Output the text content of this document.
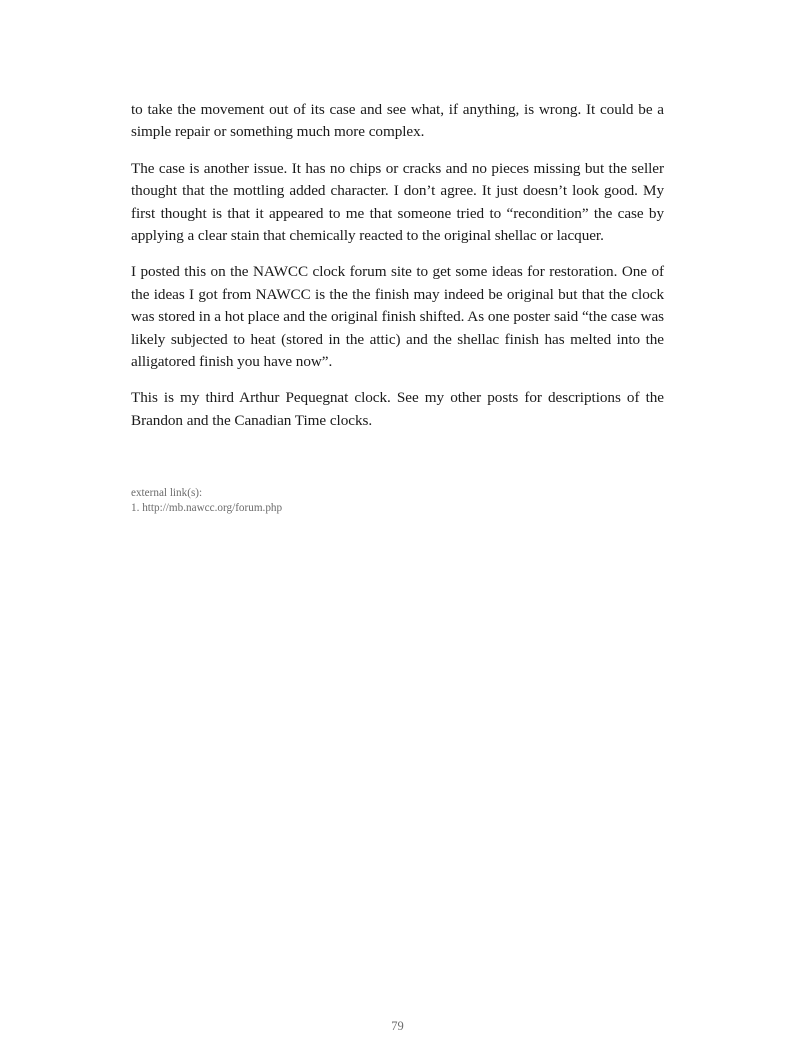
to take the movement out of its case and see what, if anything, is wrong. It could be a simple repair or something much more complex.

The case is another issue. It has no chips or cracks and no pieces missing but the seller thought that the mottling added character. I don’t agree. It just doesn’t look good. My first thought is that it appeared to me that someone tried to “recondition” the case by applying a clear stain that chemically reacted to the original shellac or lacquer.

I posted this on the NAWCC clock forum site to get some ideas for restoration. One of the ideas I got from NAWCC is the the finish may indeed be original but that the clock was stored in a hot place and the original finish shifted. As one poster said “the case was likely subjected to heat (stored in the attic) and the shellac finish has melted into the alligatored finish you have now”.

This is my third Arthur Pequegnat clock. See my other posts for descriptions of the Brandon and the Canadian Time clocks.

external link(s):
1. http://mb.nawcc.org/forum.php
79
